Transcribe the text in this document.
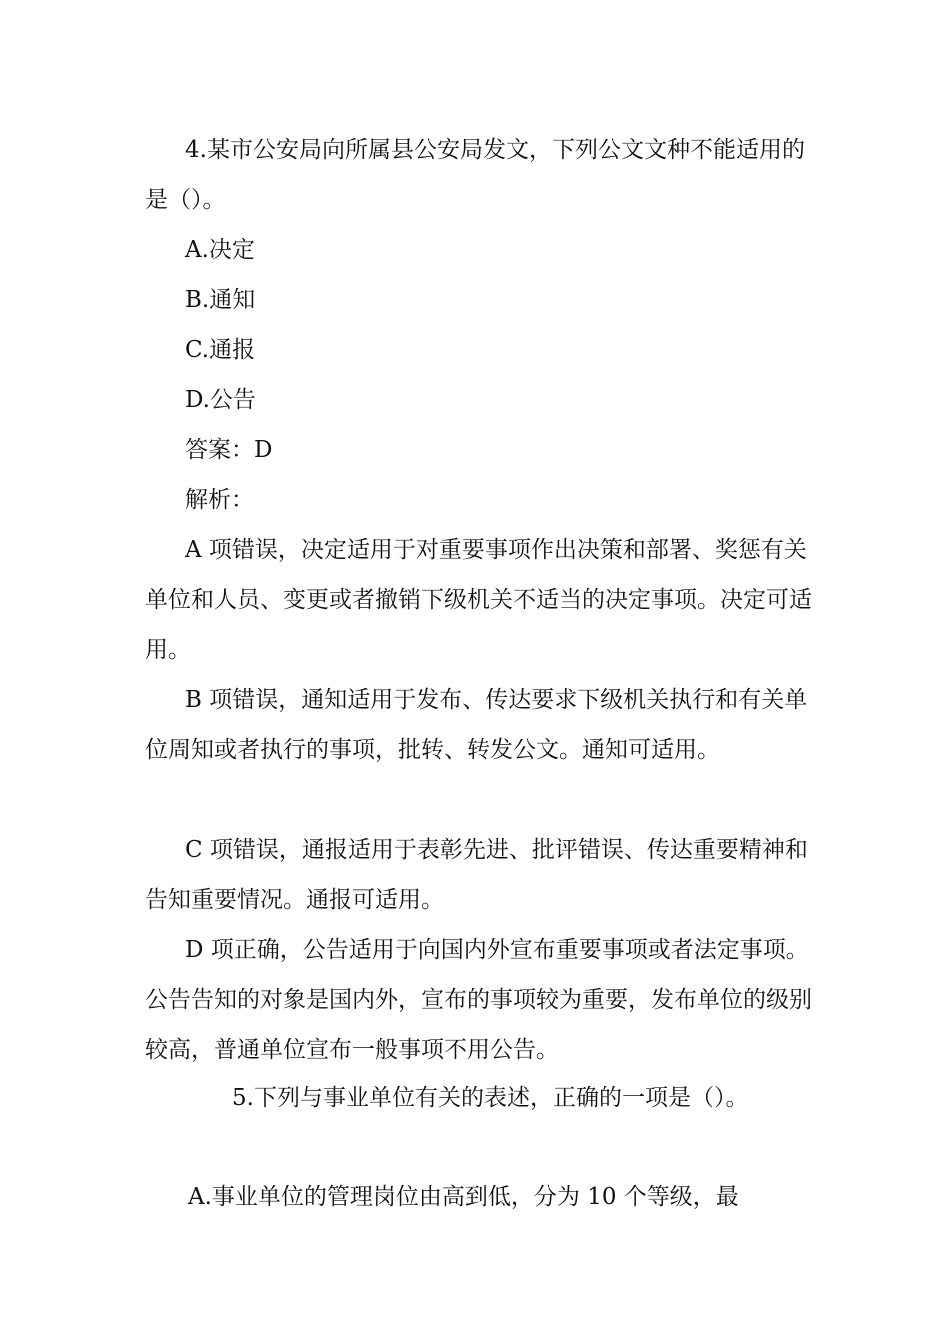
4.某市公安局向所属县公安局发文，下列公文文种不能适用的是（）。

A.决定

B.通知

C.通报

D.公告

答案：D

解析：

A 项错误，决定适用于对重要事项作出决策和部署、奖惩有关单位和人员、变更或者撤销下级机关不适当的决定事项。决定可适用。

B 项错误，通知适用于发布、传达要求下级机关执行和有关单位周知或者执行的事项，批转、转发公文。通知可适用。

C 项错误，通报适用于表彰先进、批评错误、传达重要精神和告知重要情况。通报可适用。

D 项正确，公告适用于向国内外宣布重要事项或者法定事项。公告告知的对象是国内外，宣布的事项较为重要，发布单位的级别较高，普通单位宣布一般事项不用公告。

5.下列与事业单位有关的表述，正确的一项是（）。

A.事业单位的管理岗位由高到低，分为 10 个等级，最
